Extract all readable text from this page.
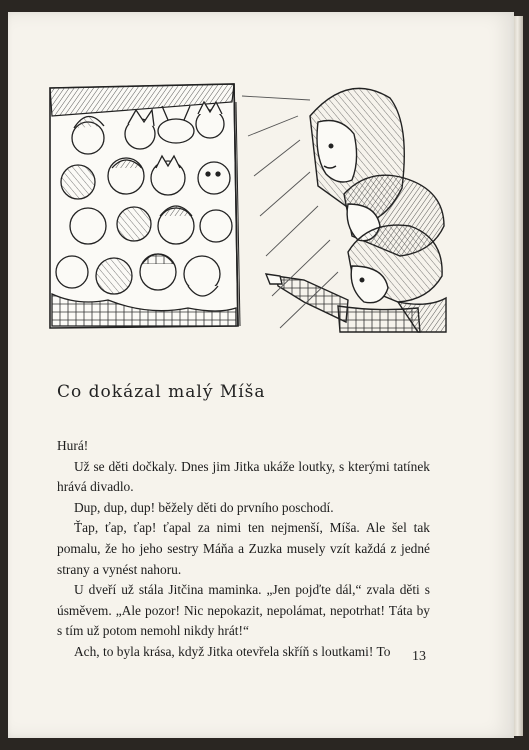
Co dokázal malý Míša

Hurá!

Už se děti dočkaly. Dnes jim Jitka ukáže loutky, s kterými tatínek hrává divadlo.

Dup, dup, dup! běžely děti do prvního poschodí.

Ťap, ťap, ťap! ťapal za nimi ten nejmenší, Míša. Ale šel tak pomalu, že ho jeho sestry Máňa a Zuzka musely vzít každá z jedné strany a vynést nahoru.

U dveří už stála Jitčina maminka. „Jen pojďte dál,“ zvala děti s úsměvem. „Ale pozor! Nic nepokazit, nepolámat, nepotrhat! Táta by s tím už potom nemohl nikdy hrát!“

Ach, to byla krása, když Jitka otevřela skříň s loutkami! To	13
